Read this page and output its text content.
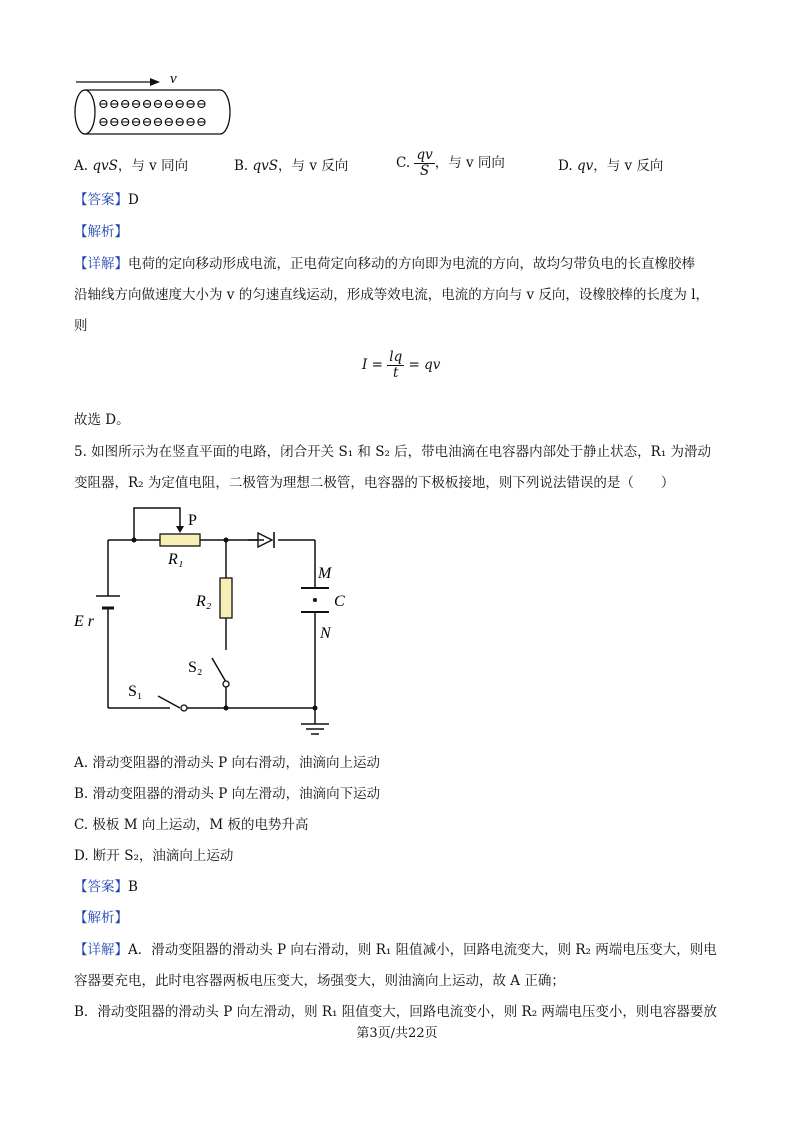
v
⊖⊖⊖⊖⊖⊖⊖⊖⊖⊖
⊖⊖⊖⊖⊖⊖⊖⊖⊖⊖
A. qvS，与 v 同向	B. qvS，与 v 反向	C. $\frac{qv}{S}$ ，与 v 同向	D. qv，与 v 反向
【答案】D
【解析】
【详解】电荷的定向移动形成电流，正电荷定向移动的方向即为电流的方向，故均匀带负电的长直橡胶棒
沿轴线方向做速度大小为 v 的匀速直线运动，形成等效电流，电流的方向与 v 反向，设橡胶棒的长度为 l，
则
$I = \frac{lq}{t}$ = qv
故选 D。
5. 如图所示为在竖直平面的电路，闭合开关 S₁ 和 S₂ 后，带电油滴在电容器内部处于静止状态，R₁ 为滑动
变阻器，R₂ 为定值电阻，二极管为理想二极管，电容器的下极板接地，则下列说法错误的是（　　）
P
R₁
R₂
M
C
N
E r
S₁
S₂
A. 滑动变阻器的滑动头 P 向右滑动，油滴向上运动
B. 滑动变阻器的滑动头 P 向左滑动，油滴向下运动
C. 极板 M 向上运动，M 板的电势升高
D. 断开 S₂，油滴向上运动
【答案】B
【解析】
【详解】A．滑动变阻器的滑动头 P 向右滑动，则 R₁ 阻值减小，回路电流变大，则 R₂ 两端电压变大，则电
容器要充电，此时电容器两板电压变大，场强变大，则油滴向上运动，故 A 正确；
B．滑动变阻器的滑动头 P 向左滑动，则 R₁ 阻值变大，回路电流变小，则 R₂ 两端电压变小，则电容器要放
第3页/共22页
